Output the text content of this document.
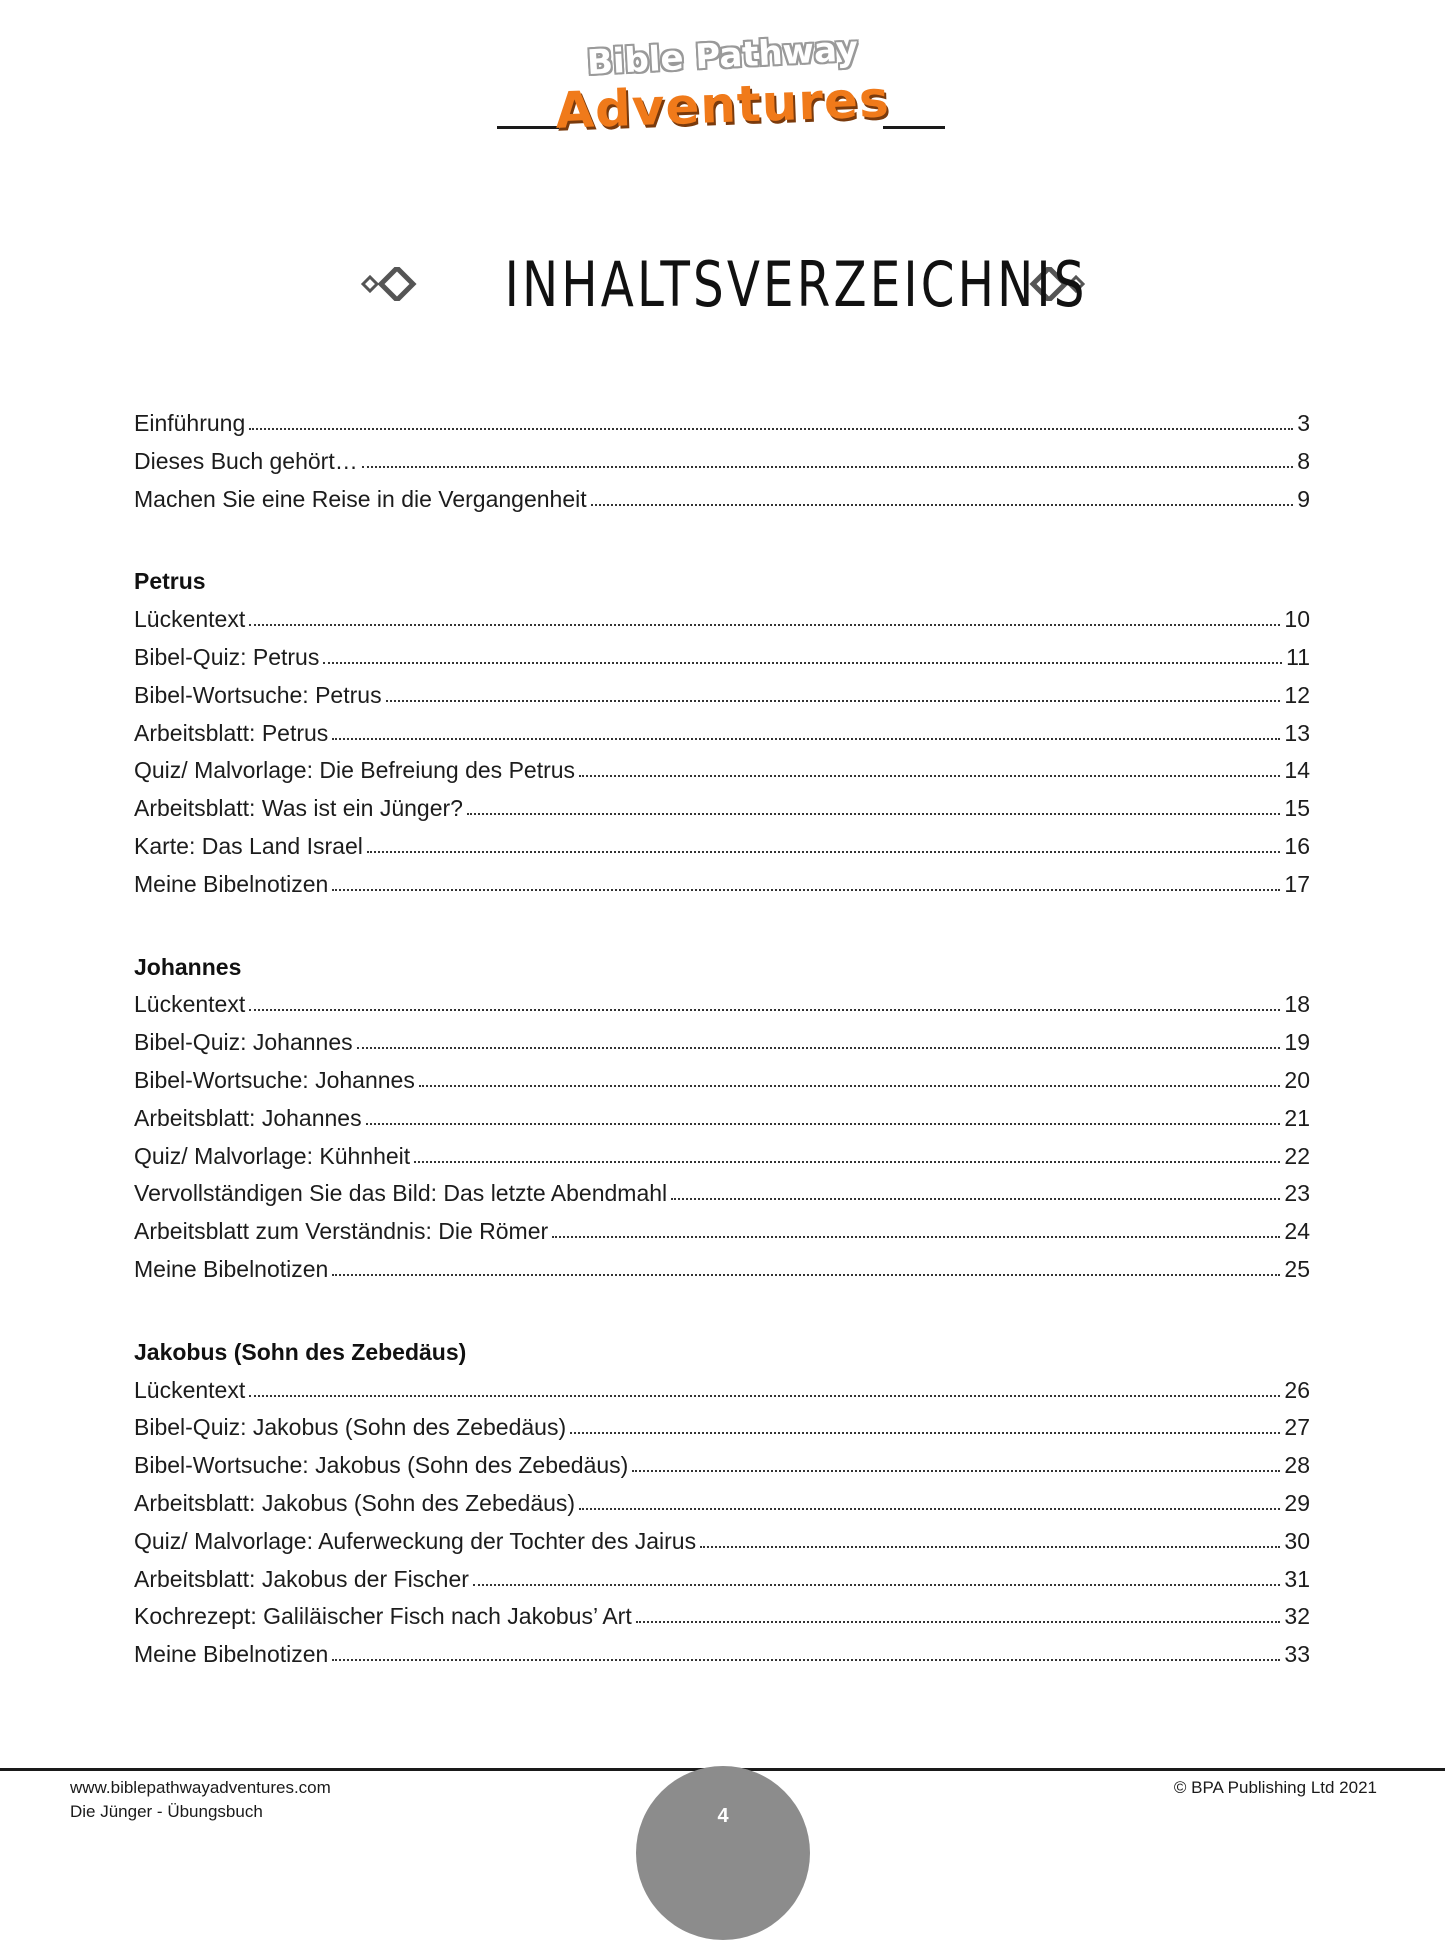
Bible Pathway
Adventures
INHALTSVERZEICHNIS
Einführung	3
Dieses Buch gehört…	8
Machen Sie eine Reise in die Vergangenheit	9
Petrus
Lückentext	10
Bibel-Quiz: Petrus	11
Bibel-Wortsuche: Petrus	12
Arbeitsblatt: Petrus	13
Quiz/ Malvorlage: Die Befreiung des Petrus	14
Arbeitsblatt: Was ist ein Jünger?	15
Karte: Das Land Israel	16
Meine Bibelnotizen	17
Johannes
Lückentext	18
Bibel-Quiz: Johannes	19
Bibel-Wortsuche: Johannes	20
Arbeitsblatt: Johannes	21
Quiz/ Malvorlage: Kühnheit	22
Vervollständigen Sie das Bild: Das letzte Abendmahl	23
Arbeitsblatt zum Verständnis: Die Römer	24
Meine Bibelnotizen	25
Jakobus (Sohn des Zebedäus)
Lückentext	26
Bibel-Quiz: Jakobus (Sohn des Zebedäus)	27
Bibel-Wortsuche: Jakobus (Sohn des Zebedäus)	28
Arbeitsblatt: Jakobus (Sohn des Zebedäus)	29
Quiz/ Malvorlage: Auferweckung der Tochter des Jairus	30
Arbeitsblatt: Jakobus der Fischer	31
Kochrezept: Galiläischer Fisch nach Jakobus’ Art	32
Meine Bibelnotizen	33
www.biblepathwayadventures.com
Die Jünger - Übungsbuch
© BPA Publishing Ltd 2021
4
